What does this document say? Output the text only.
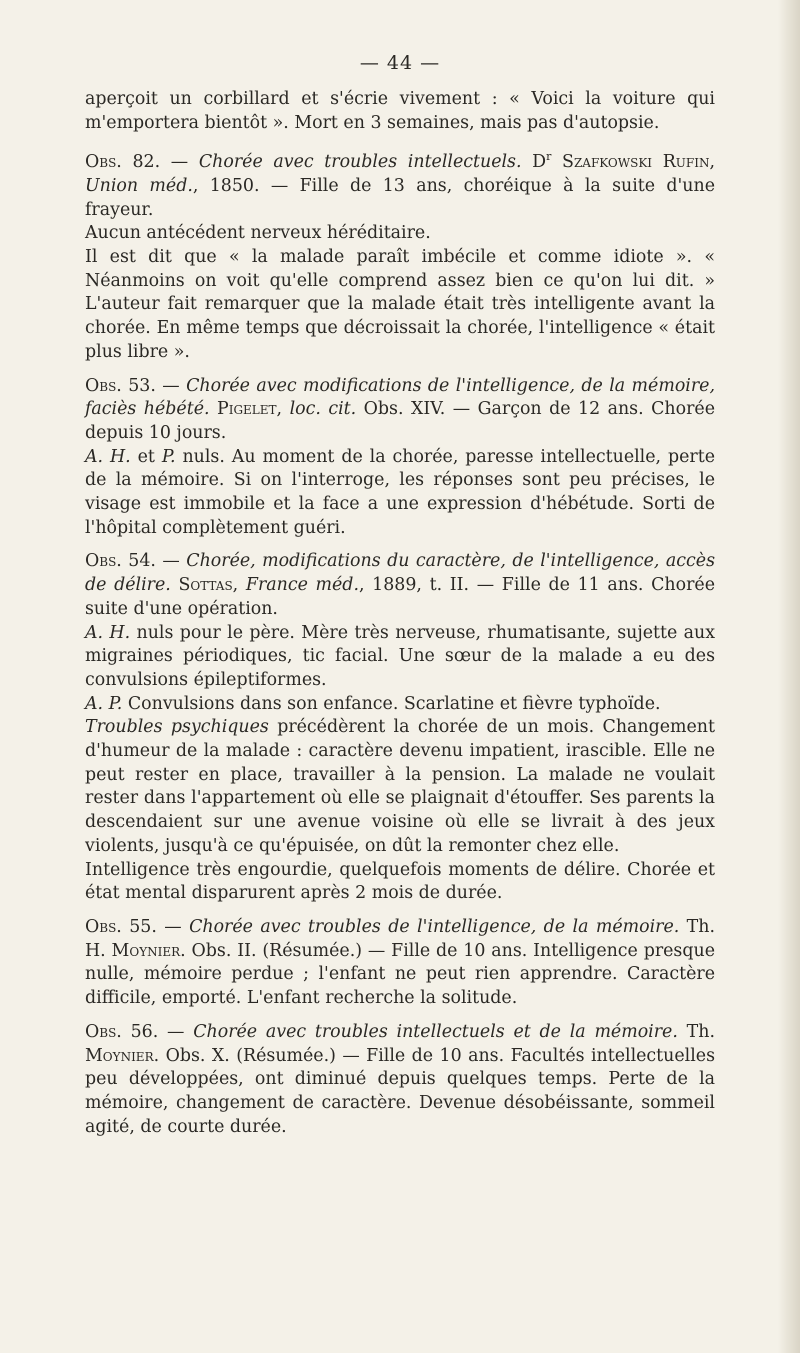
— 44 —

aperçoit un corbillard et s'écrie vivement : « Voici la voiture qui m'emportera bientôt ». Mort en 3 semaines, mais pas d'autopsie.

Obs. 82. — Chorée avec troubles intellectuels. $D^r$ Szafkowski Rufin, Union méd., 1850. — Fille de 13 ans, choréique à la suite d'une frayeur.

Aucun antécédent nerveux héréditaire.

Il est dit que « la malade paraît imbécile et comme idiote ». « Néanmoins on voit qu'elle comprend assez bien ce qu'on lui dit. » L'auteur fait remarquer que la malade était très intelligente avant la chorée. En même temps que décroissait la chorée, l'intelligence « était plus libre ».

Obs. 53. — Chorée avec modifications de l'intelligence, de la mémoire, faciès hébété. Pigelet, loc. cit. Obs. XIV. — Garçon de 12 ans. Chorée depuis 10 jours.

A. H. et P. nuls. Au moment de la chorée, paresse intellectuelle, perte de la mémoire. Si on l'interroge, les réponses sont peu précises, le visage est immobile et la face a une expression d'hébétude. Sorti de l'hôpital complètement guéri.

Obs. 54. — Chorée, modifications du caractère, de l'intelligence, accès de délire. Sottas, France méd., 1889, t. II. — Fille de 11 ans. Chorée suite d'une opération.

A. H. nuls pour le père. Mère très nerveuse, rhumatisante, sujette aux migraines périodiques, tic facial. Une sœur de la malade a eu des convulsions épileptiformes.

A. P. Convulsions dans son enfance. Scarlatine et fièvre typhoïde.

Troubles psychiques précédèrent la chorée de un mois. Changement d'humeur de la malade : caractère devenu impatient, irascible. Elle ne peut rester en place, travailler à la pension. La malade ne voulait rester dans l'appartement où elle se plaignait d'étouffer. Ses parents la descendaient sur une avenue voisine où elle se livrait à des jeux violents, jusqu'à ce qu'épuisée, on dût la remonter chez elle.

Intelligence très engourdie, quelquefois moments de délire. Chorée et état mental disparurent après 2 mois de durée.

Obs. 55. — Chorée avec troubles de l'intelligence, de la mémoire. Th. H. Moynier. Obs. II. (Résumée.) — Fille de 10 ans. Intelligence presque nulle, mémoire perdue ; l'enfant ne peut rien apprendre. Caractère difficile, emporté. L'enfant recherche la solitude.

Obs. 56. — Chorée avec troubles intellectuels et de la mémoire. Th. Moynier. Obs. X. (Résumée.) — Fille de 10 ans. Facultés intellectuelles peu développées, ont diminué depuis quelques temps. Perte de la mémoire, changement de caractère. Devenue désobéissante, sommeil agité, de courte durée.
